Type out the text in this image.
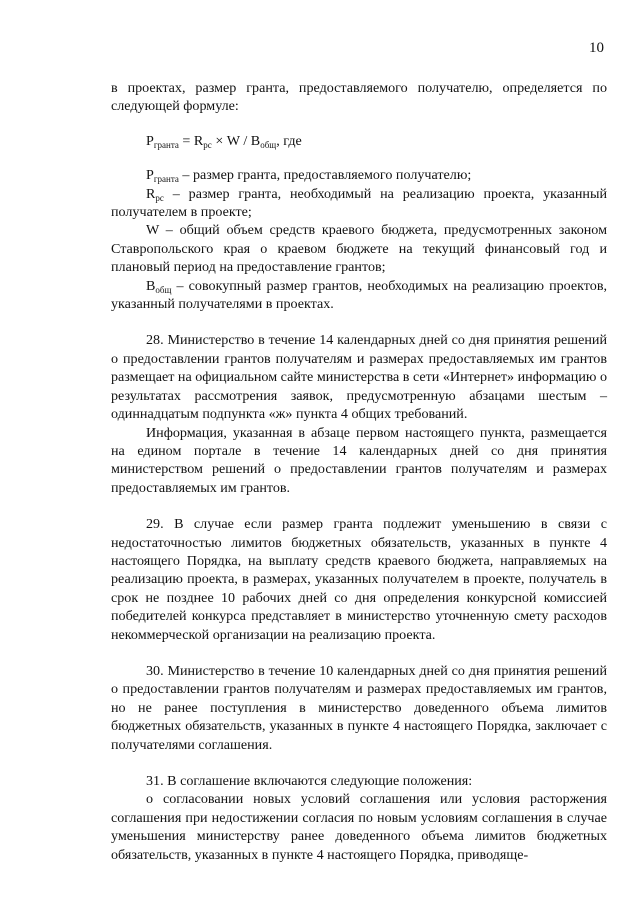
10

в проектах, размер гранта, предоставляемого получателю, определяется по следующей формуле:

$P_{гранта} = R_{рс} \times W / B_{общ}$, где

$P_{гранта}$ – размер гранта, предоставляемого получателю;

$R_{рс}$ – размер гранта, необходимый на реализацию проекта, указанный получателем в проекте;

W – общий объем средств краевого бюджета, предусмотренных законом Ставропольского края о краевом бюджете на текущий финансовый год и плановый период на предоставление грантов;

$B_{общ}$ – совокупный размер грантов, необходимых на реализацию проектов, указанный получателями в проектах.

28. Министерство в течение 14 календарных дней со дня принятия решений о предоставлении грантов получателям и размерах предоставляемых им грантов размещает на официальном сайте министерства в сети «Интернет» информацию о результатах рассмотрения заявок, предусмотренную абзацами шестым – одиннадцатым подпункта «ж» пункта 4 общих требований.

Информация, указанная в абзаце первом настоящего пункта, размещается на едином портале в течение 14 календарных дней со дня принятия министерством решений о предоставлении грантов получателям и размерах предоставляемых им грантов.

29. В случае если размер гранта подлежит уменьшению в связи с недостаточностью лимитов бюджетных обязательств, указанных в пункте 4 настоящего Порядка, на выплату средств краевого бюджета, направляемых на реализацию проекта, в размерах, указанных получателем в проекте, получатель в срок не позднее 10 рабочих дней со дня определения конкурсной комиссией победителей конкурса представляет в министерство уточненную смету расходов некоммерческой организации на реализацию проекта.

30. Министерство в течение 10 календарных дней со дня принятия решений о предоставлении грантов получателям и размерах предоставляемых им грантов, но не ранее поступления в министерство доведенного объема лимитов бюджетных обязательств, указанных в пункте 4 настоящего Порядка, заключает с получателями соглашения.

31. В соглашение включаются следующие положения:

о согласовании новых условий соглашения или условия расторжения соглашения при недостижении согласия по новым условиям соглашения в случае уменьшения министерству ранее доведенного объема лимитов бюджетных обязательств, указанных в пункте 4 настоящего Порядка, приводяще-
